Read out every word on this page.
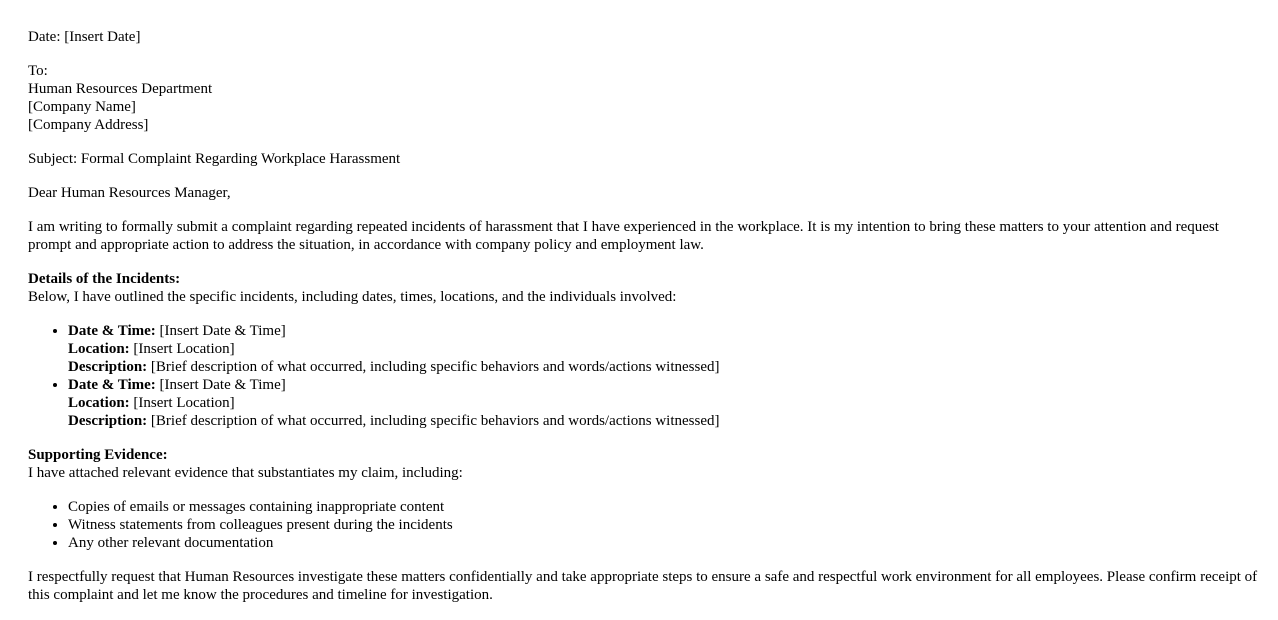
Date: [Insert Date]

To:
Human Resources Department
[Company Name]
[Company Address]

Subject: Formal Complaint Regarding Workplace Harassment

Dear Human Resources Manager,

I am writing to formally submit a complaint regarding repeated incidents of harassment that I have experienced in the workplace. It is my intention to bring these matters to your attention and request prompt and appropriate action to address the situation, in accordance with company policy and employment law.

Details of the Incidents:
Below, I have outlined the specific incidents, including dates, times, locations, and the individuals involved:

• Date & Time: [Insert Date & Time]
Location: [Insert Location]
Description: [Brief description of what occurred, including specific behaviors and words/actions witnessed]
• Date & Time: [Insert Date & Time]
Location: [Insert Location]
Description: [Brief description of what occurred, including specific behaviors and words/actions witnessed]

Supporting Evidence:
I have attached relevant evidence that substantiates my claim, including:

• Copies of emails or messages containing inappropriate content
• Witness statements from colleagues present during the incidents
• Any other relevant documentation

I respectfully request that Human Resources investigate these matters confidentially and take appropriate steps to ensure a safe and respectful work environment for all employees. Please confirm receipt of this complaint and let me know the procedures and timeline for investigation.
